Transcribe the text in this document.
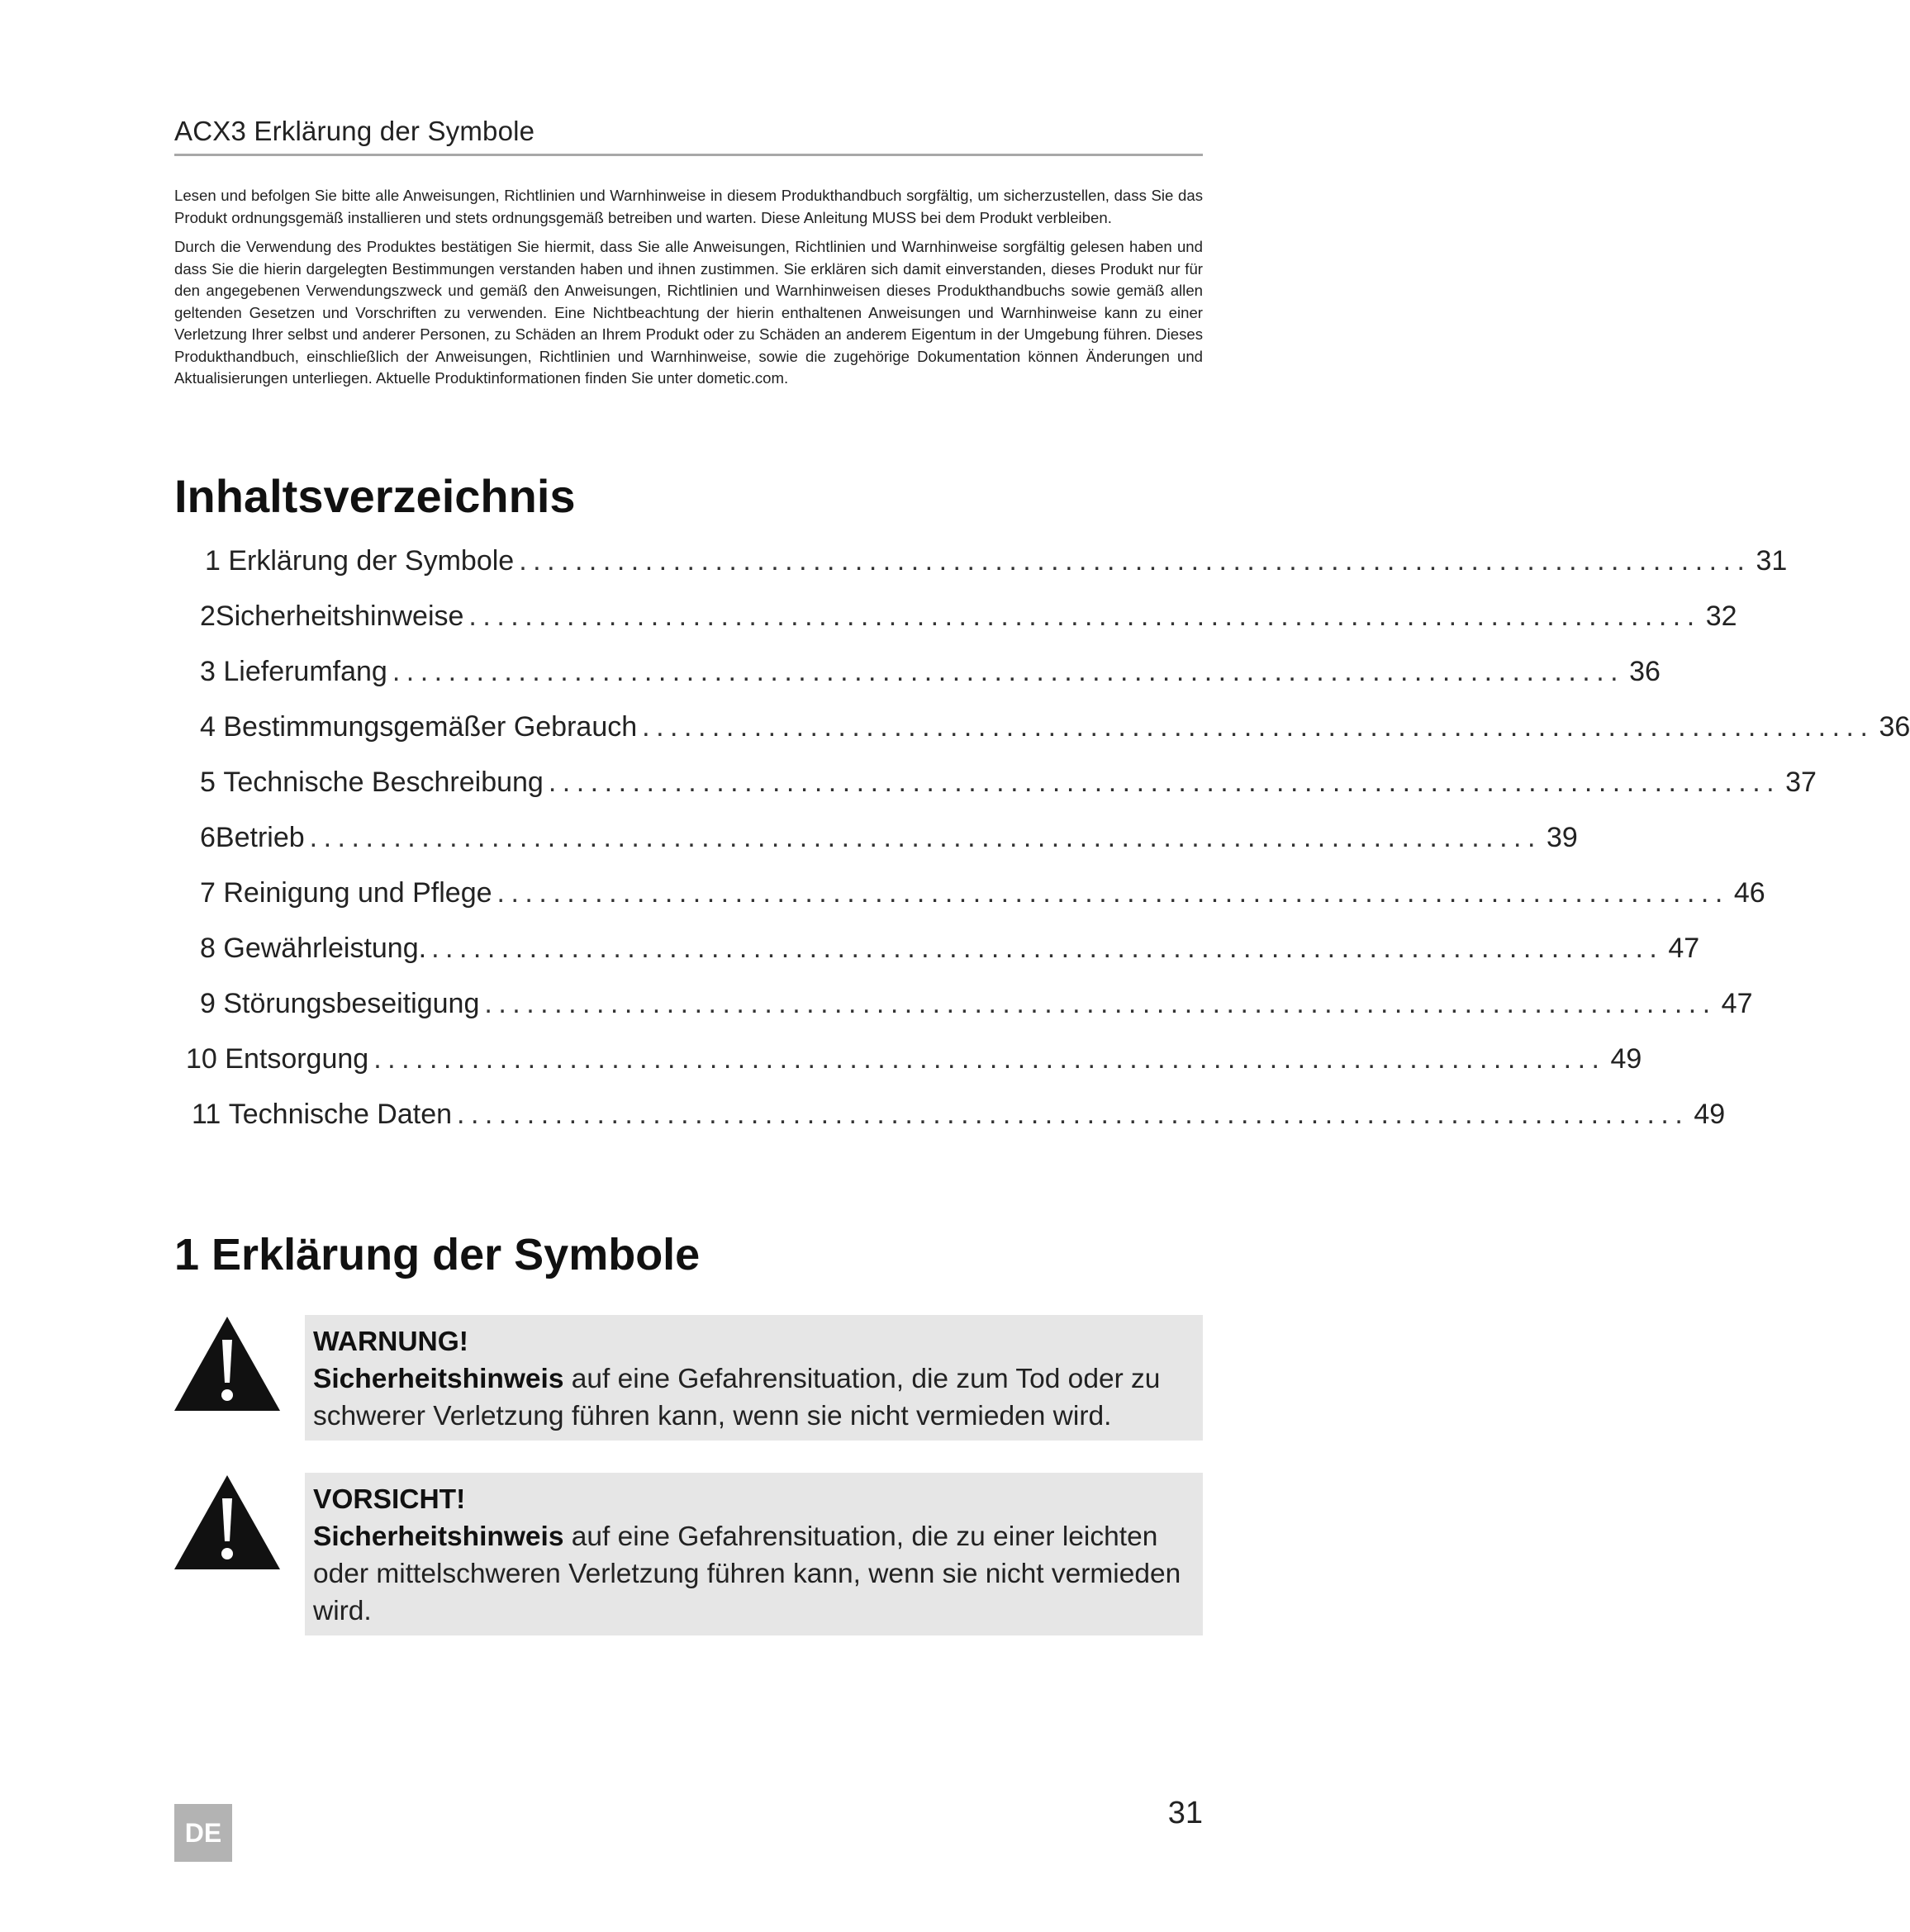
ACX3 Erklärung der Symbole

Lesen und befolgen Sie bitte alle Anweisungen, Richtlinien und Warnhinweise in diesem Produkthandbuch sorgfältig, um sicherzustellen, dass Sie das Produkt ordnungsgemäß installieren und stets ordnungsgemäß betreiben und warten. Diese Anleitung MUSS bei dem Produkt verbleiben.

Durch die Verwendung des Produktes bestätigen Sie hiermit, dass Sie alle Anweisungen, Richtlinien und Warnhinweise sorgfältig gelesen haben und dass Sie die hierin dargelegten Bestimmungen verstanden haben und ihnen zustimmen. Sie erklären sich damit einverstanden, dieses Produkt nur für den angegebenen Verwendungszweck und gemäß den Anweisungen, Richtlinien und Warnhinweisen dieses Produkthandbuchs sowie gemäß allen geltenden Gesetzen und Vorschriften zu verwenden. Eine Nichtbeachtung der hierin enthaltenen Anweisungen und Warnhinweise kann zu einer Verletzung Ihrer selbst und anderer Personen, zu Schäden an Ihrem Produkt oder zu Schäden an anderem Eigentum in der Umgebung führen. Dieses Produkthandbuch, einschließlich der Anweisungen, Richtlinien und Warnhinweise, sowie die zugehörige Dokumentation können Änderungen und Aktualisierungen unterliegen. Aktuelle Produktinformationen finden Sie unter dometic.com.

Inhaltsverzeichnis
1
Erklärung der Symbole ........................................................................................ 31
2 Sicherheitshinweise ........................................................................................ 32
3
Lieferumfang ........................................................................................ 36
4
Bestimmungsgemäßer Gebrauch ........................................................................................ 36
5
Technische Beschreibung ........................................................................................ 37
6 Betrieb ........................................................................................ 39
7
Reinigung und Pflege ........................................................................................ 46
8
Gewährleistung. ........................................................................................ 47
9
Störungsbeseitigung ........................................................................................ 47
10
Entsorgung ........................................................................................ 49
11
Technische Daten ........................................................................................ 49
1 Erklärung der Symbole
WARNUNG!
Sicherheitshinweis auf eine Gefahrensituation, die zum Tod oder zu schwerer Verletzung führen kann, wenn sie nicht vermieden wird.
VORSICHT!
Sicherheitshinweis auf eine Gefahrensituation, die zu einer leichten oder mittelschweren Verletzung führen kann, wenn sie nicht vermieden wird.
DE
31
